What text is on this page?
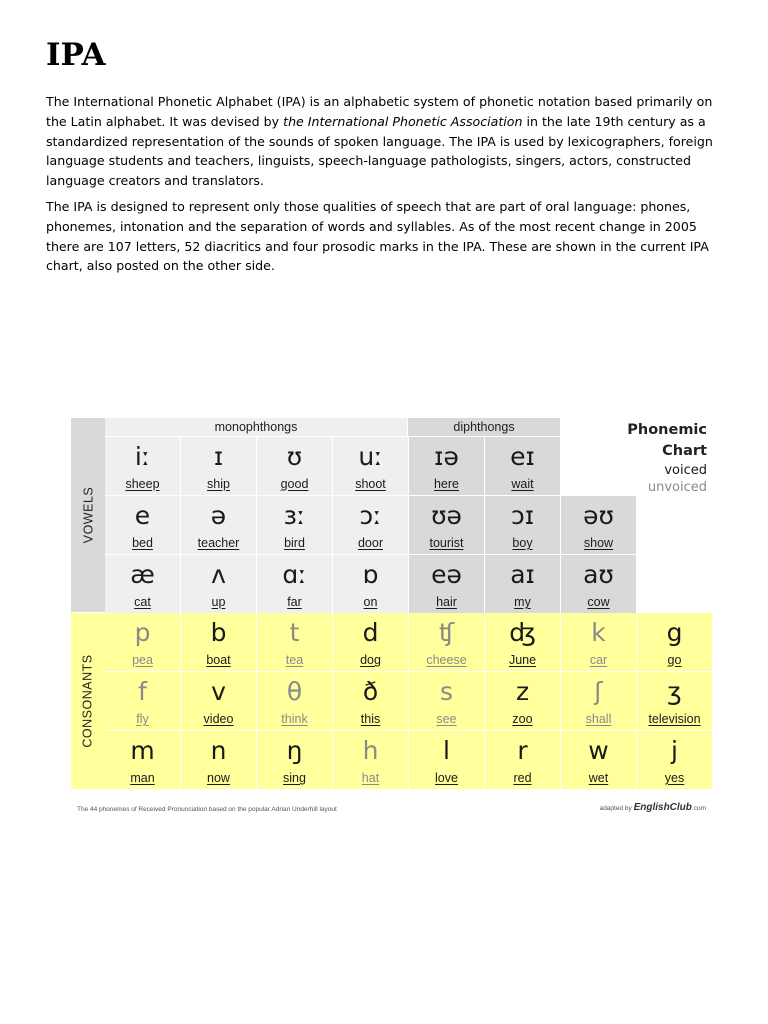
IPA

The International Phonetic Alphabet (IPA) is an alphabetic system of phonetic notation based primarily on the Latin alphabet. It was devised by the International Phonetic Association in the late 19th century as a standardized representation of the sounds of spoken language. The IPA is used by lexicographers, foreign language students and teachers, linguists, speech-language pathologists, singers, actors, constructed language creators and translators.

The IPA is designed to represent only those qualities of speech that are part of oral language: phones, phonemes, intonation and the separation of words and syllables. As of the most recent change in 2005 there are 107 letters, 52 diacritics and four prosodic marks in the IPA. These are shown in the current IPA chart, also posted on the other side.

monophthongs	diphthongs
VOWELS
CONSONANTS
Phonemic
Chart
voiced
unvoiced
iː
sheep
ɪ
ship
ʊ
good
uː
shoot
ɪə
here
eɪ
wait
e
bed
ə
teacher
ɜː
bird
ɔː
door
ʊə
tourist
ɔɪ
boy
əʊ
show
æ
cat
ʌ
up
ɑː
far
ɒ
on
eə
hair
aɪ
my
aʊ
cow
p
pea
b
boat
t
tea
d
dog
ʧ
cheese
ʤ
June
k
car
g
go
f
fly
v
video
θ
think
ð
this
s
see
z
zoo
ʃ
shall
ʒ
television
m
man
n
now
ŋ
sing
h
hat
l
love
r
red
w
wet
j
yes
The 44 phonemes of Received Pronunciation based on the popular Adrian Underhill layout	adapted by EnglishClub.com
